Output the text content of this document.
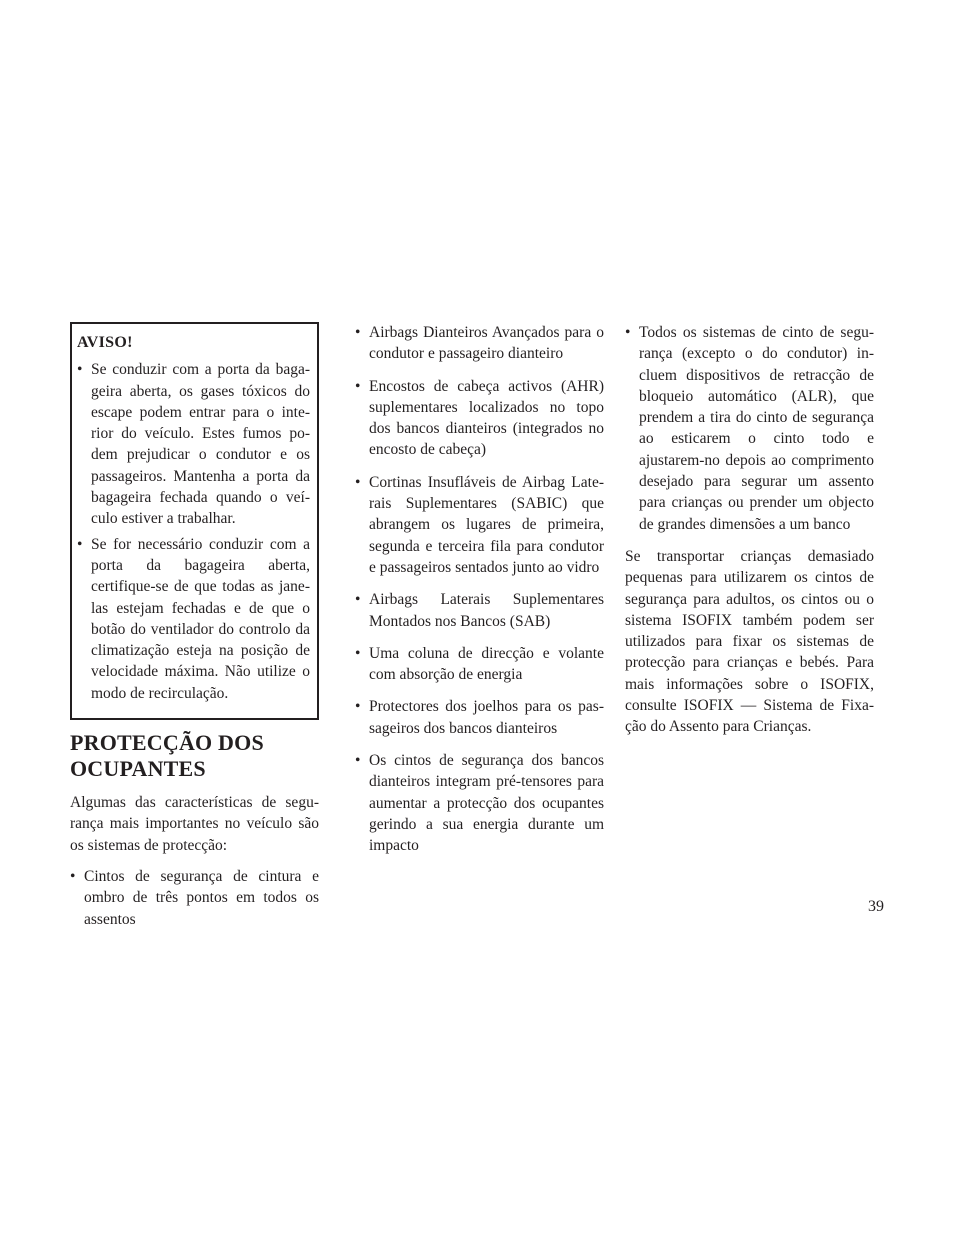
AVISO!
• Se conduzir com a porta da bagageira aberta, os gases tóxicos do escape podem entrar para o interior do veículo. Estes fumos podem prejudicar o condutor e os passageiros. Mantenha a porta da bagageira fechada quando o veículo estiver a trabalhar.
• Se for necessário conduzir com a porta da bagageira aberta, certifique-se de que todas as janelas estejam fechadas e de que o botão do ventilador do controlo da climatização esteja na posição de velocidade máxima. Não utilize o modo de recirculação.
PROTECÇÃO DOS OCUPANTES

Algumas das características de segurança mais importantes no veículo são os sistemas de protecção:

• Cintos de segurança de cintura e ombro de três pontos em todos os assentos
• Airbags Dianteiros Avançados para o condutor e passageiro dianteiro
• Encostos de cabeça activos (AHR) suplementares localizados no topo dos bancos dianteiros (integrados no encosto de cabeça)
• Cortinas Insufláveis de Airbag Laterais Suplementares (SABIC) que abrangem os lugares de primeira, segunda e terceira fila para condutor e passageiros sentados junto ao vidro
• Airbags Laterais Suplementares Montados nos Bancos (SAB)
• Uma coluna de direcção e volante com absorção de energia
• Protectores dos joelhos para os passageiros dos bancos dianteiros
• Os cintos de segurança dos bancos dianteiros integram pré-tensores para aumentar a protecção dos ocupantes gerindo a sua energia durante um impacto
• Todos os sistemas de cinto de segurança (excepto o do condutor) incluem dispositivos de retracção de bloqueio automático (ALR), que prendem a tira do cinto de segurança ao esticarem o cinto todo e ajustarem-no depois ao comprimento desejado para segurar um assento para crianças ou prender um objecto de grandes dimensões a um banco

Se transportar crianças demasiado pequenas para utilizarem os cintos de segurança para adultos, os cintos ou o sistema ISOFIX também podem ser utilizados para fixar os sistemas de protecção para crianças e bebés. Para mais informações sobre o ISOFIX, consulte ISOFIX — Sistema de Fixação do Assento para Crianças.

39
